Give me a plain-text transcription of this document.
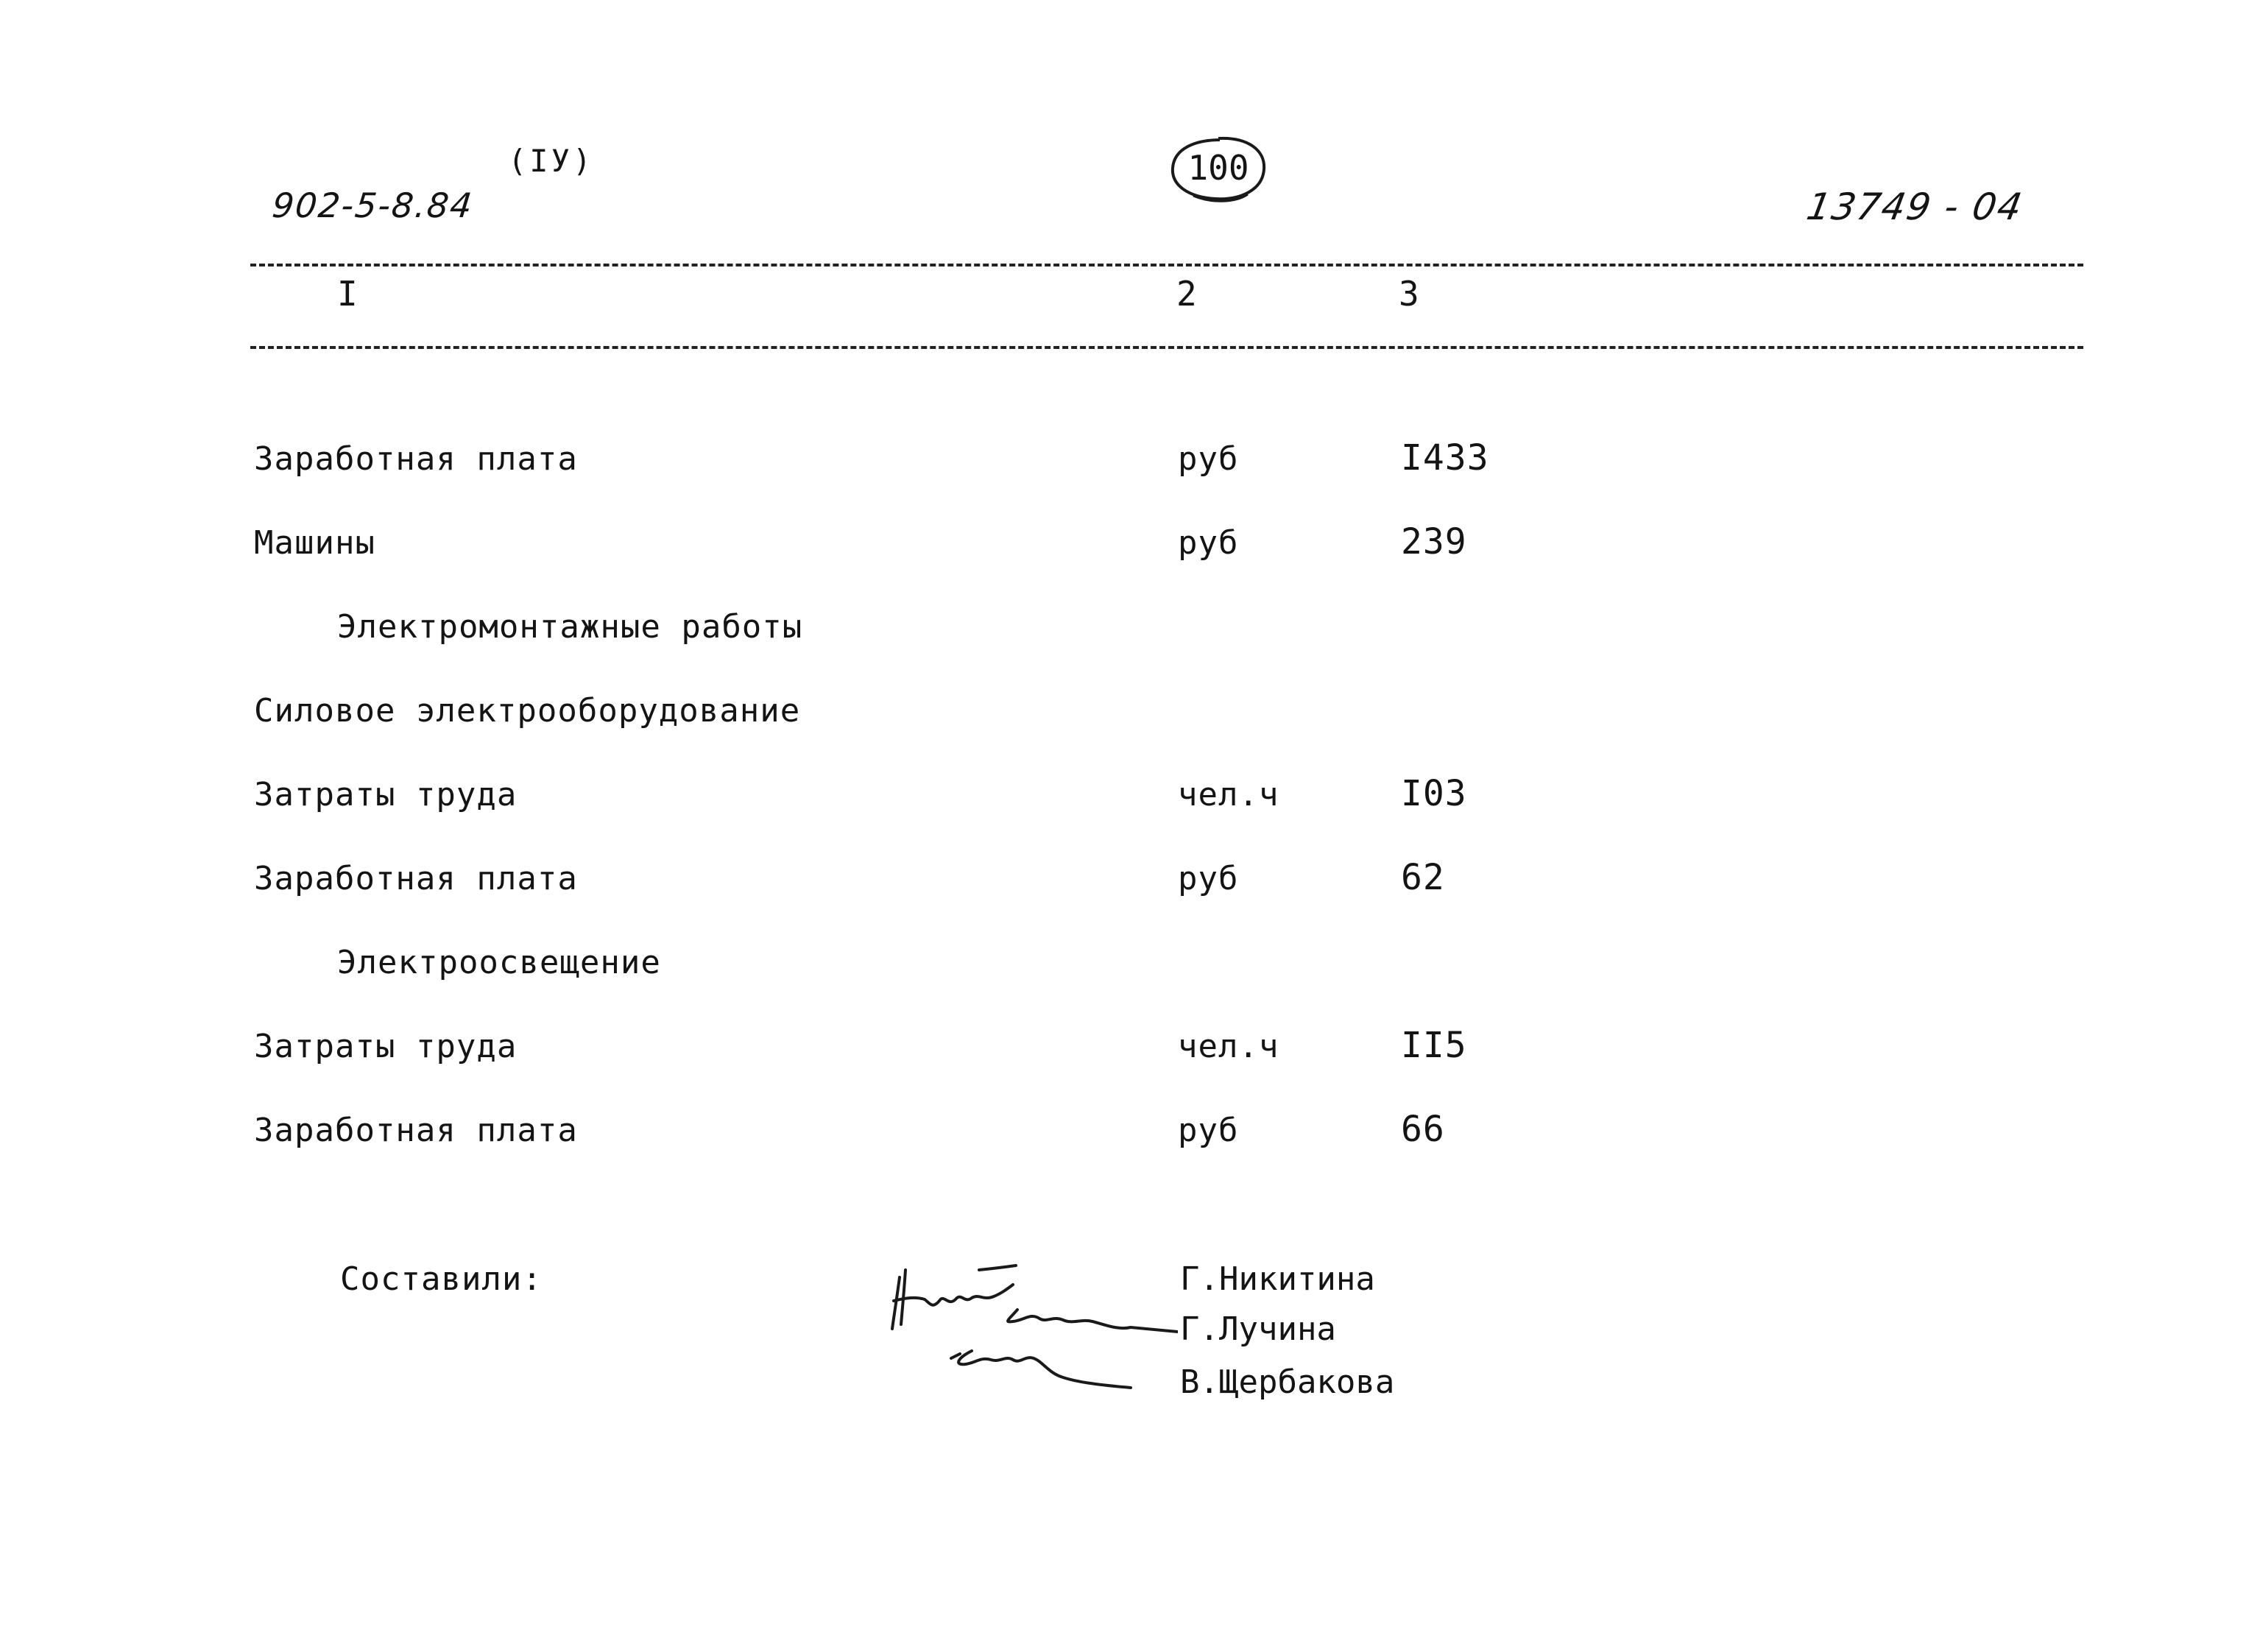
(IУ)
902-5-8.84
100
13749 - 04
I	2	3
Заработная плата	руб	I433
Машины	руб	239
Электромонтажные работы
Силовое электрооборудование
Затраты труда	чел.ч	I03
Заработная плата	руб	62
Электроосвещение
Затраты труда	чел.ч	II5
Заработная плата	руб	66
Составили:	Г.Никитина
Г.Лучина
В.Щербакова
